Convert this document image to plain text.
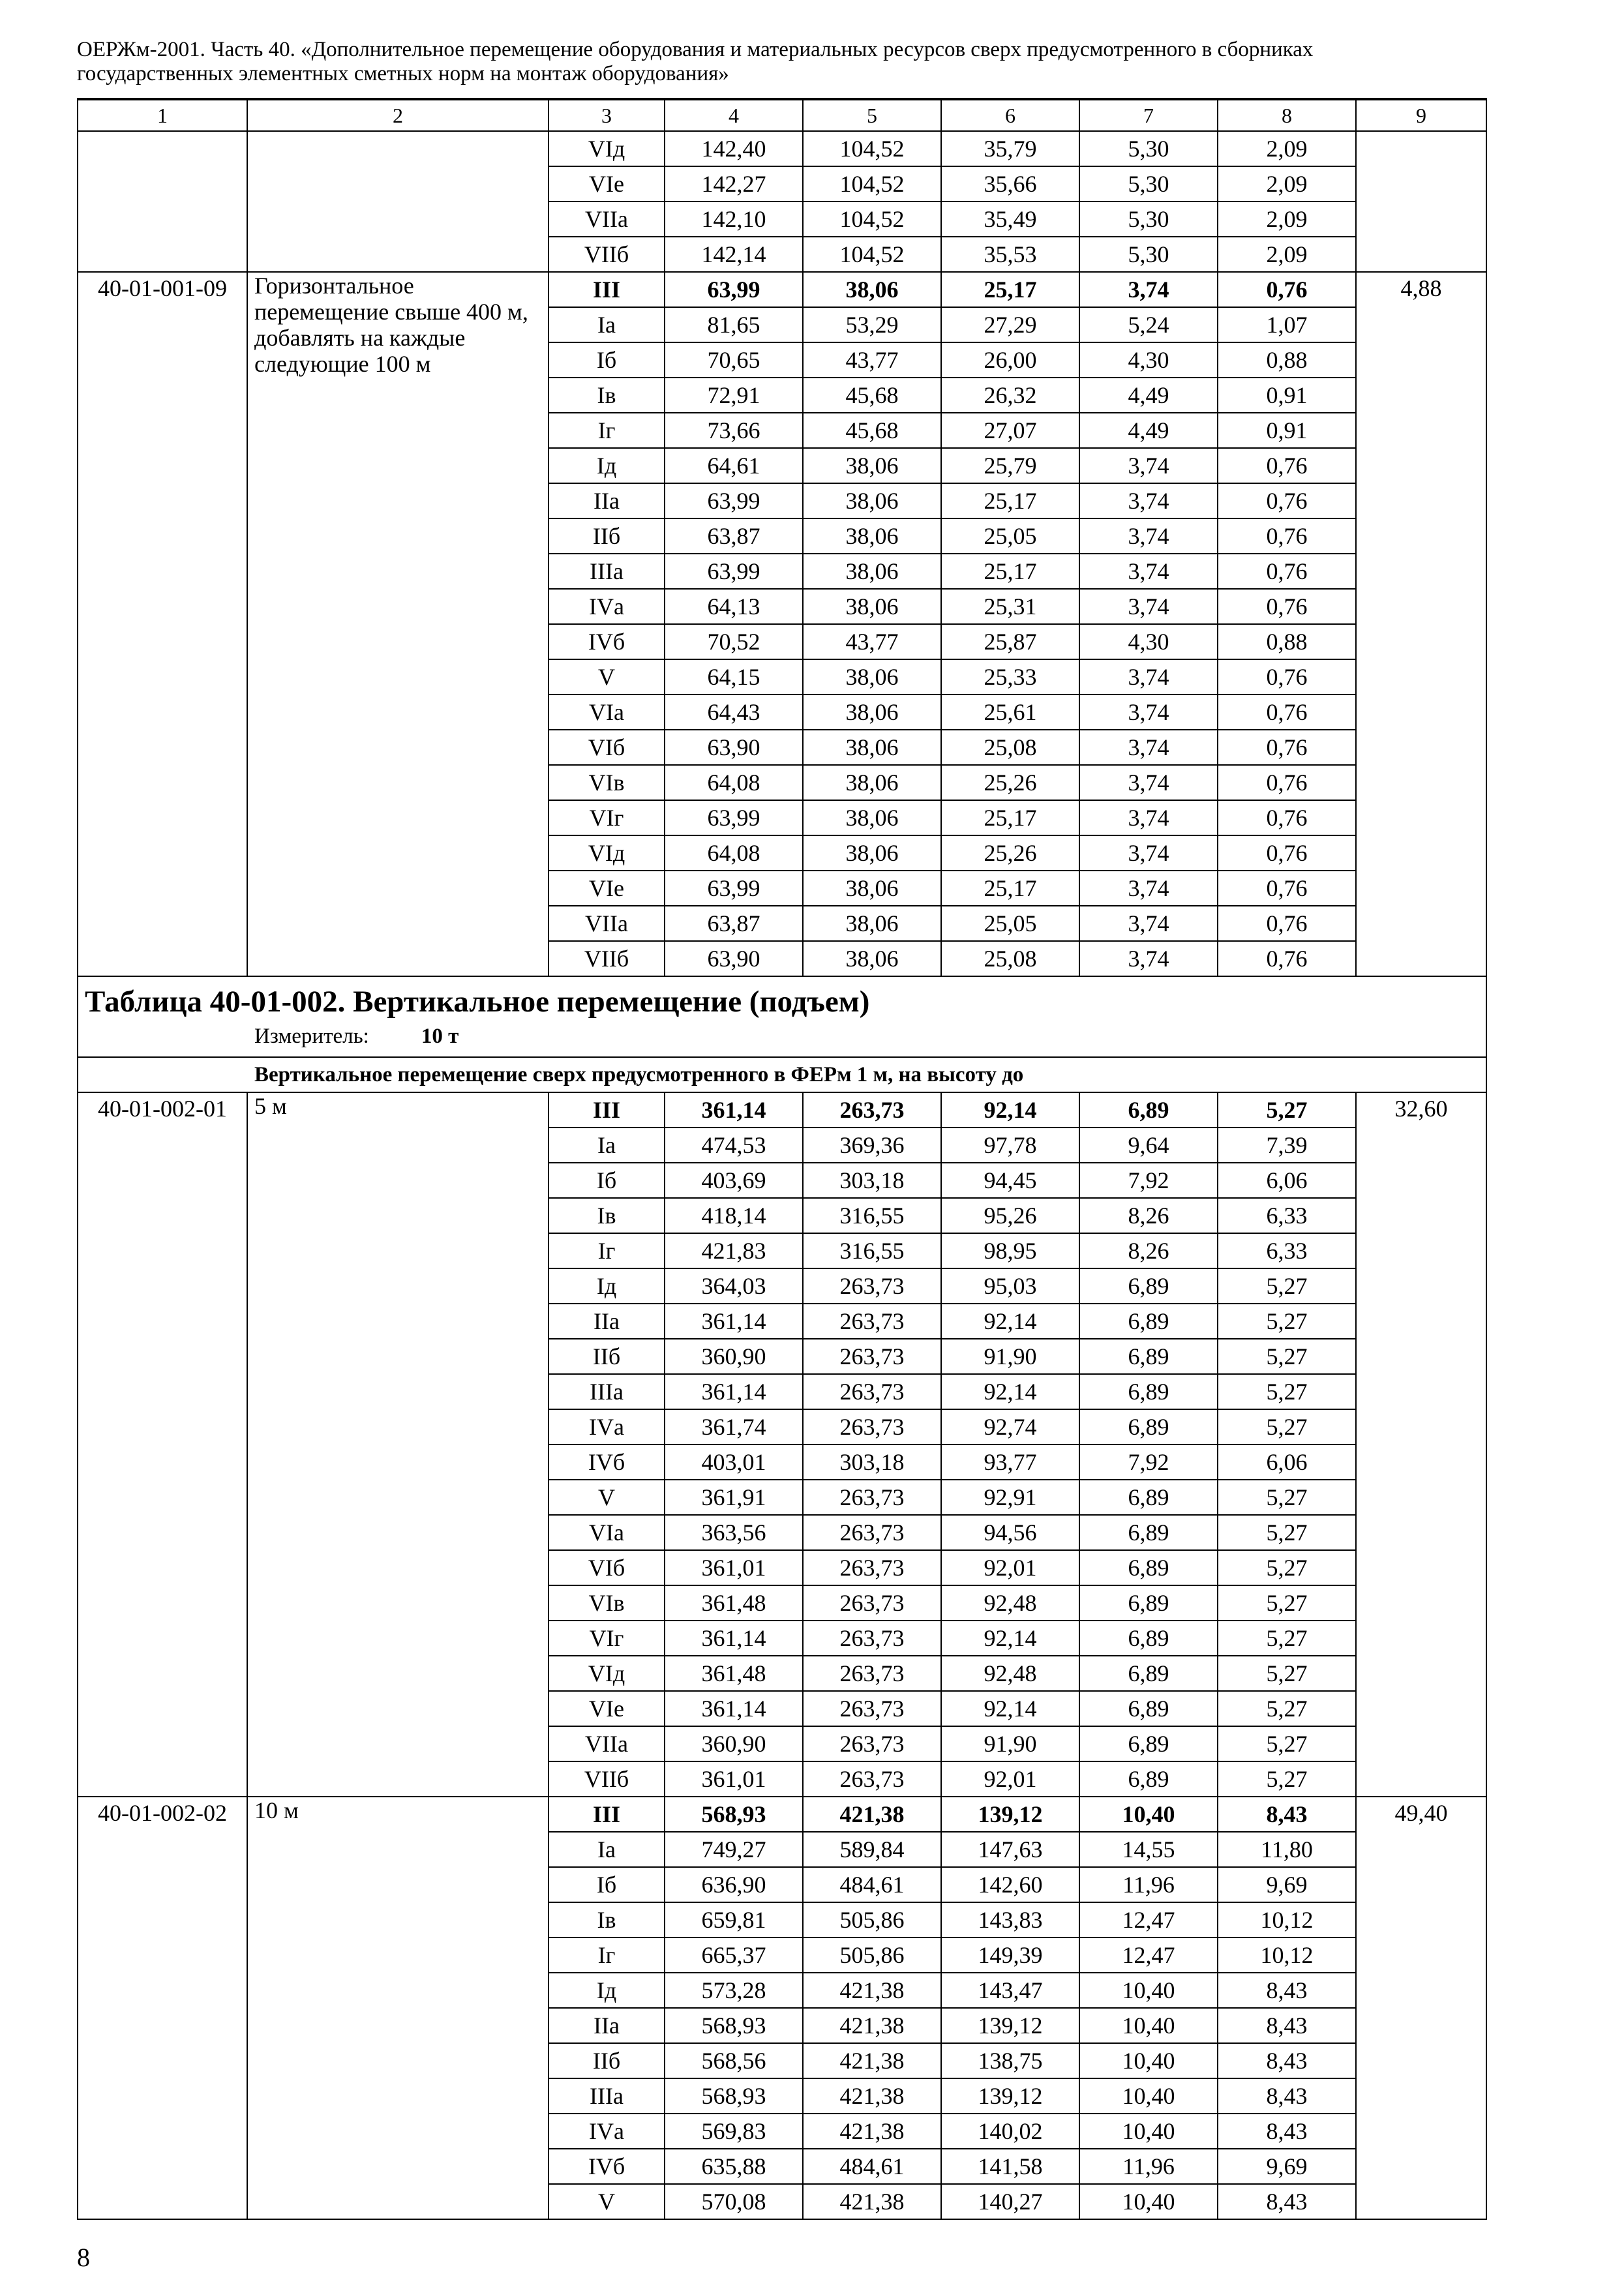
ОЕРЖм-2001. Часть 40. «Дополнительное перемещение оборудования и материальных ресурсов сверх предусмотренного в сборниках
государственных элементных сметных норм на монтаж оборудования»
1	2	3	4	5	6	7	8	9
		VIд	142,40	104,52	35,79	5,30	2,09	
		VIе	142,27	104,52	35,66	5,30	2,09	
		VIIа	142,10	104,52	35,49	5,30	2,09	
		VIIб	142,14	104,52	35,53	5,30	2,09	
40-01-001-09	Горизонтальное перемещение свыше 400 м, добавлять на каждые следующие 100 м	III	63,99	38,06	25,17	3,74	0,76	4,88
		Iа	81,65	53,29	27,29	5,24	1,07	
		Iб	70,65	43,77	26,00	4,30	0,88	
		Iв	72,91	45,68	26,32	4,49	0,91	
		Iг	73,66	45,68	27,07	4,49	0,91	
		Iд	64,61	38,06	25,79	3,74	0,76	
		IIа	63,99	38,06	25,17	3,74	0,76	
		IIб	63,87	38,06	25,05	3,74	0,76	
		IIIа	63,99	38,06	25,17	3,74	0,76	
		IVа	64,13	38,06	25,31	3,74	0,76	
		IVб	70,52	43,77	25,87	4,30	0,88	
		V	64,15	38,06	25,33	3,74	0,76	
		VIа	64,43	38,06	25,61	3,74	0,76	
		VIб	63,90	38,06	25,08	3,74	0,76	
		VIв	64,08	38,06	25,26	3,74	0,76	
		VIг	63,99	38,06	25,17	3,74	0,76	
		VIд	64,08	38,06	25,26	3,74	0,76	
		VIе	63,99	38,06	25,17	3,74	0,76	
		VIIа	63,87	38,06	25,05	3,74	0,76	
		VIIб	63,90	38,06	25,08	3,74	0,76	

Таблица 40-01-002. Вертикальное перемещение (подъем)
Измеритель: 10 т								

Вертикальное перемещение сверх предусмотренного в ФЕРм 1 м, на высоту до								
40-01-002-01	5 м	III	361,14	263,73	92,14	6,89	5,27	32,60
		Iа	474,53	369,36	97,78	9,64	7,39	
		Iб	403,69	303,18	94,45	7,92	6,06	
		Iв	418,14	316,55	95,26	8,26	6,33	
		Iг	421,83	316,55	98,95	8,26	6,33	
		Iд	364,03	263,73	95,03	6,89	5,27	
		IIа	361,14	263,73	92,14	6,89	5,27	
		IIб	360,90	263,73	91,90	6,89	5,27	
		IIIа	361,14	263,73	92,14	6,89	5,27	
		IVа	361,74	263,73	92,74	6,89	5,27	
		IVб	403,01	303,18	93,77	7,92	6,06	
		V	361,91	263,73	92,91	6,89	5,27	
		VIа	363,56	263,73	94,56	6,89	5,27	
		VIб	361,01	263,73	92,01	6,89	5,27	
		VIв	361,48	263,73	92,48	6,89	5,27	
		VIг	361,14	263,73	92,14	6,89	5,27	
		VIд	361,48	263,73	92,48	6,89	5,27	
		VIе	361,14	263,73	92,14	6,89	5,27	
		VIIа	360,90	263,73	91,90	6,89	5,27	
		VIIб	361,01	263,73	92,01	6,89	5,27	
40-01-002-02	10 м	III	568,93	421,38	139,12	10,40	8,43	49,40
		Iа	749,27	589,84	147,63	14,55	11,80	
		Iб	636,90	484,61	142,60	11,96	9,69	
		Iв	659,81	505,86	143,83	12,47	10,12	
		Iг	665,37	505,86	149,39	12,47	10,12	
		Iд	573,28	421,38	143,47	10,40	8,43	
		IIа	568,93	421,38	139,12	10,40	8,43	
		IIб	568,56	421,38	138,75	10,40	8,43	
		IIIа	568,93	421,38	139,12	10,40	8,43	
		IVа	569,83	421,38	140,02	10,40	8,43	
		IVб	635,88	484,61	141,58	11,96	9,69	
		V	570,08	421,38	140,27	10,40	8,43	
8
